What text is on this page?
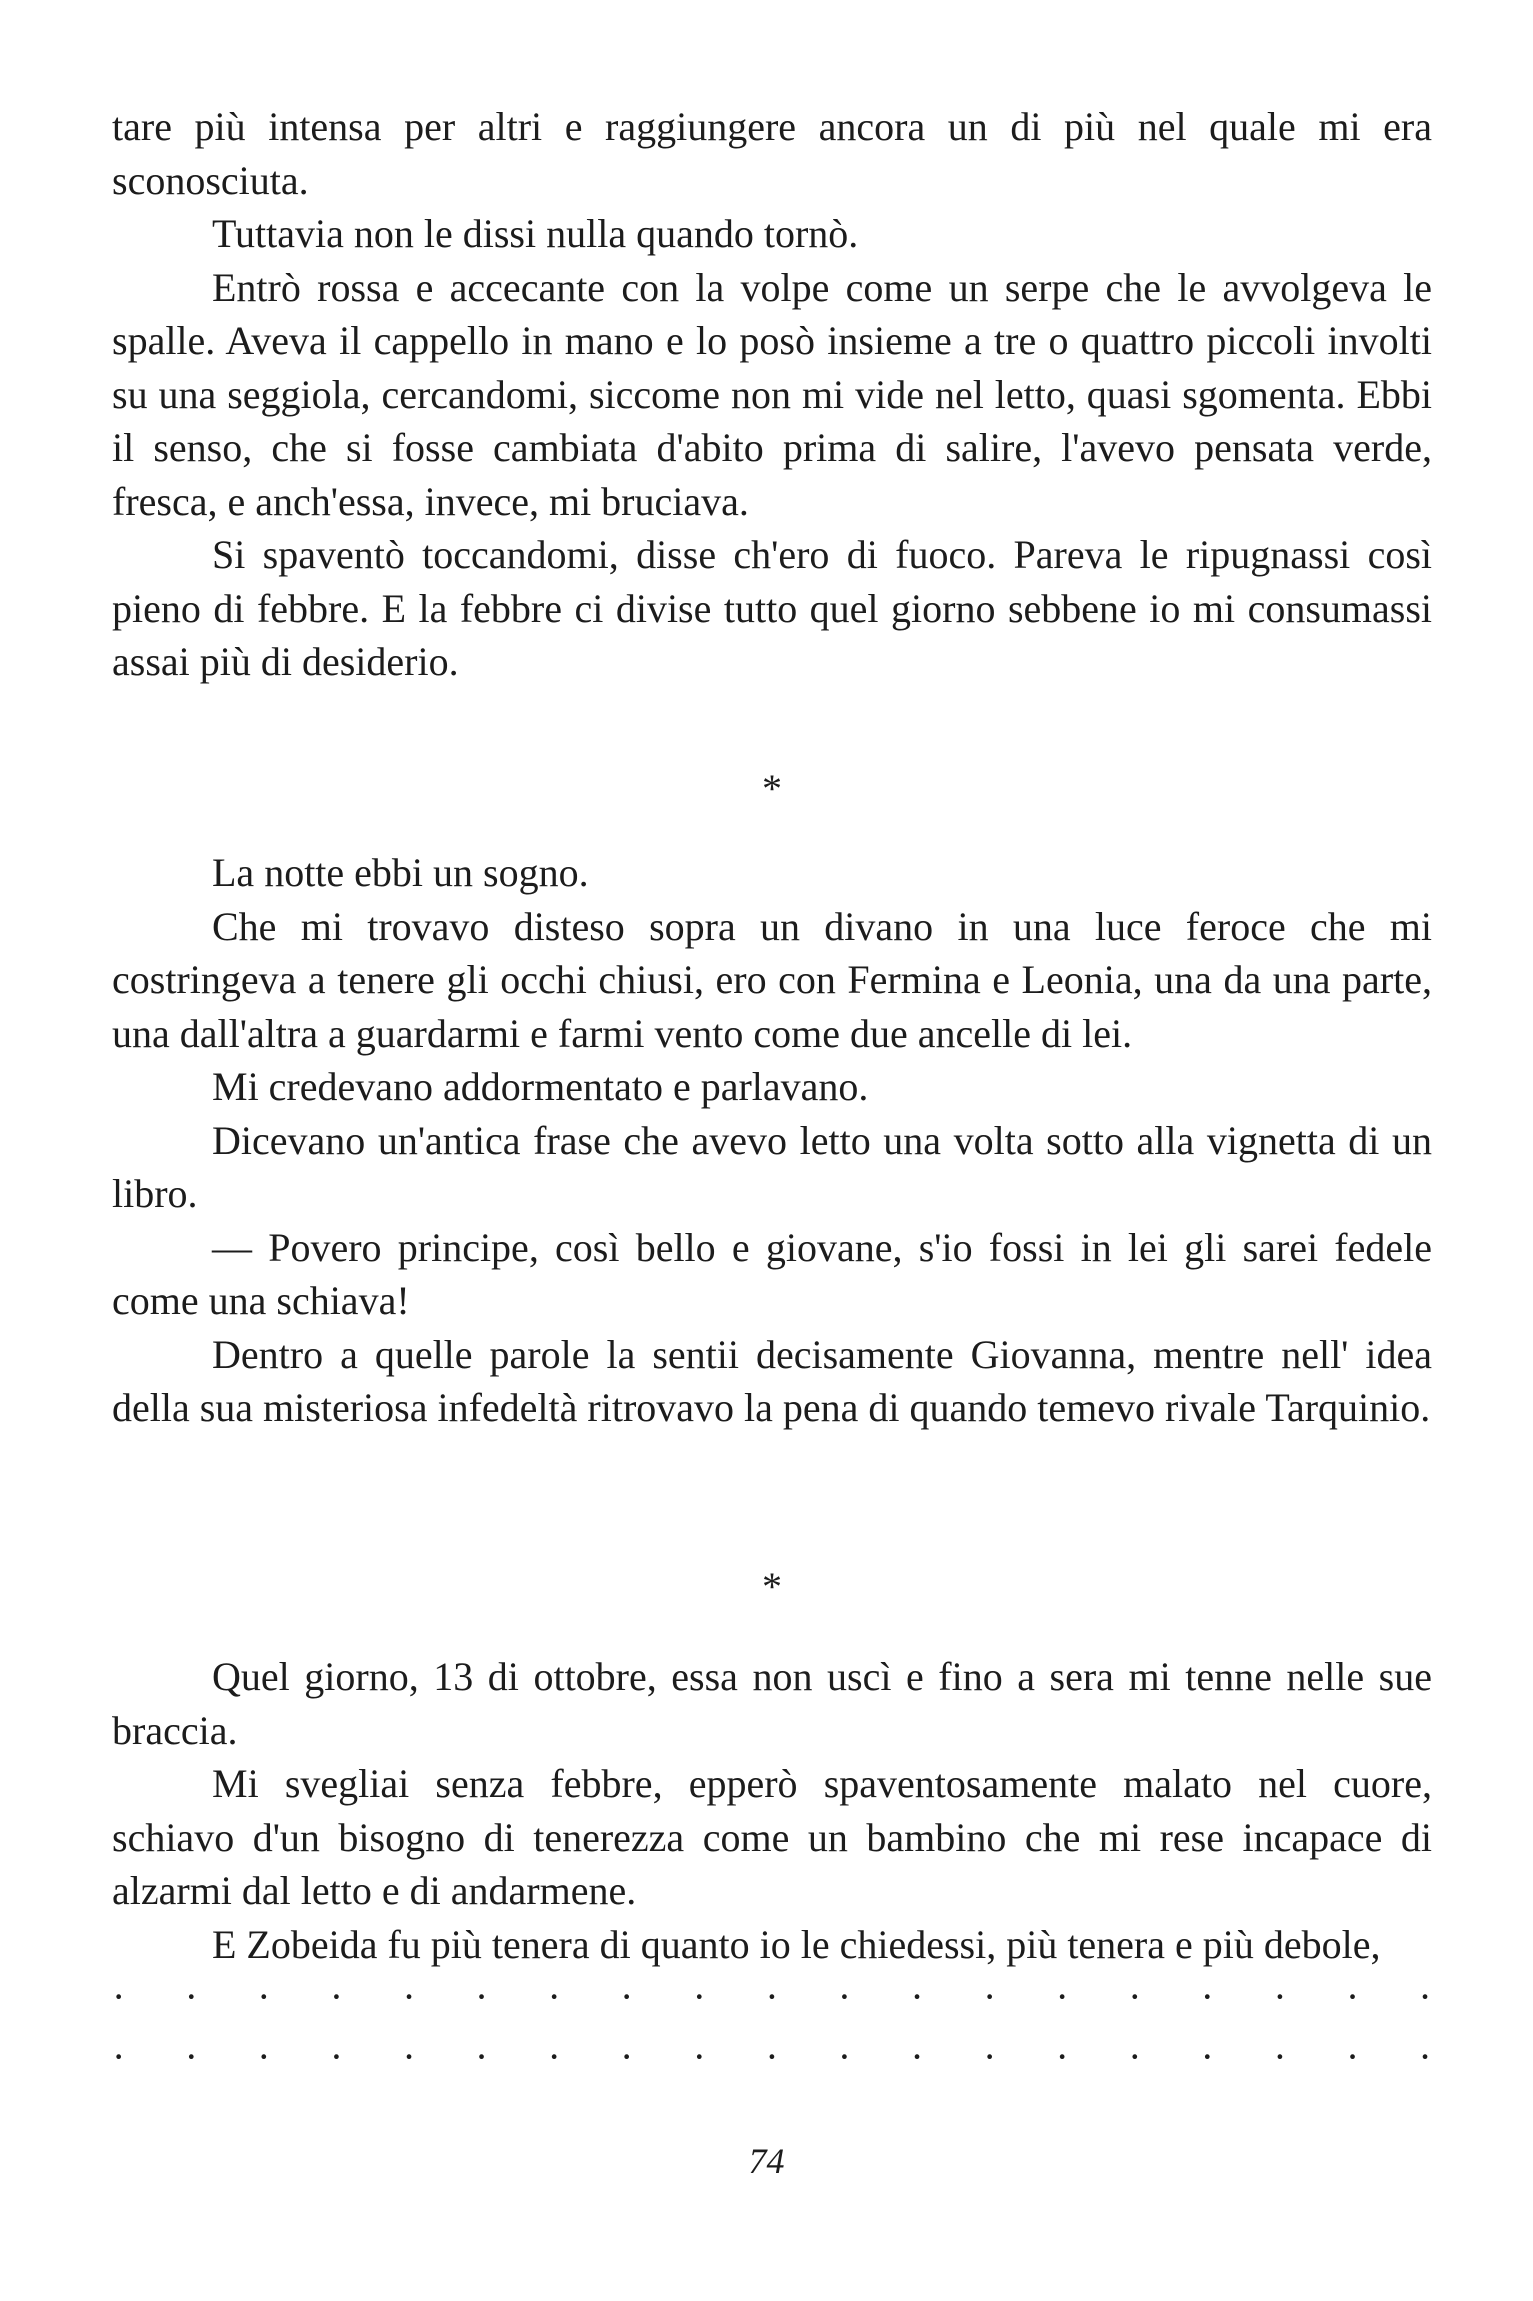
tare più intensa per altri e raggiungere ancora un di più nel quale mi era sconosciuta.

Tuttavia non le dissi nulla quando tornò.

Entrò rossa e accecante con la volpe come un serpe che le avvolgeva le spalle. Aveva il cappello in mano e lo posò insieme a tre o quattro piccoli involti su una seggiola, cercandomi, siccome non mi vide nel letto, quasi sgomenta. Ebbi il senso, che si fosse cambiata d'abito prima di salire, l'avevo pensata verde, fresca, e anch'essa, invece, mi bruciava.

Si spaventò toccandomi, disse ch'ero di fuoco. Pareva le ripugnassi così pieno di febbre. E la febbre ci divise tutto quel giorno sebbene io mi consumassi assai più di desiderio.

*

La notte ebbi un sogno.

Che mi trovavo disteso sopra un divano in una luce feroce che mi costringeva a tenere gli occhi chiusi, ero con Fermina e Leonia, una da una parte, una dall'altra a guardarmi e farmi vento come due ancelle di lei.

Mi credevano addormentato e parlavano.

Dicevano un'antica frase che avevo letto una volta sotto alla vignetta di un libro.

— Povero principe, così bello e giovane, s'io fossi in lei gli sarei fedele come una schiava!

Dentro a quelle parole la sentii decisamente Giovanna, mentre nell' idea della sua misteriosa infedeltà ritrovavo la pena di quando temevo rivale Tarquinio.

*

Quel giorno, 13 di ottobre, essa non uscì e fino a sera mi tenne nelle sue braccia.

Mi svegliai senza febbre, epperò spaventosamente malato nel cuore, schiavo d'un bisogno di tenerezza come un bambino che mi rese incapace di alzarmi dal letto e di andarmene.

E Zobeida fu più tenera di quanto io le chiedessi, più tenera e più debole,

· · · · · · · · · · · · · · · · · · ·
· · · · · · · · · · · · · · · · · · ·
74
